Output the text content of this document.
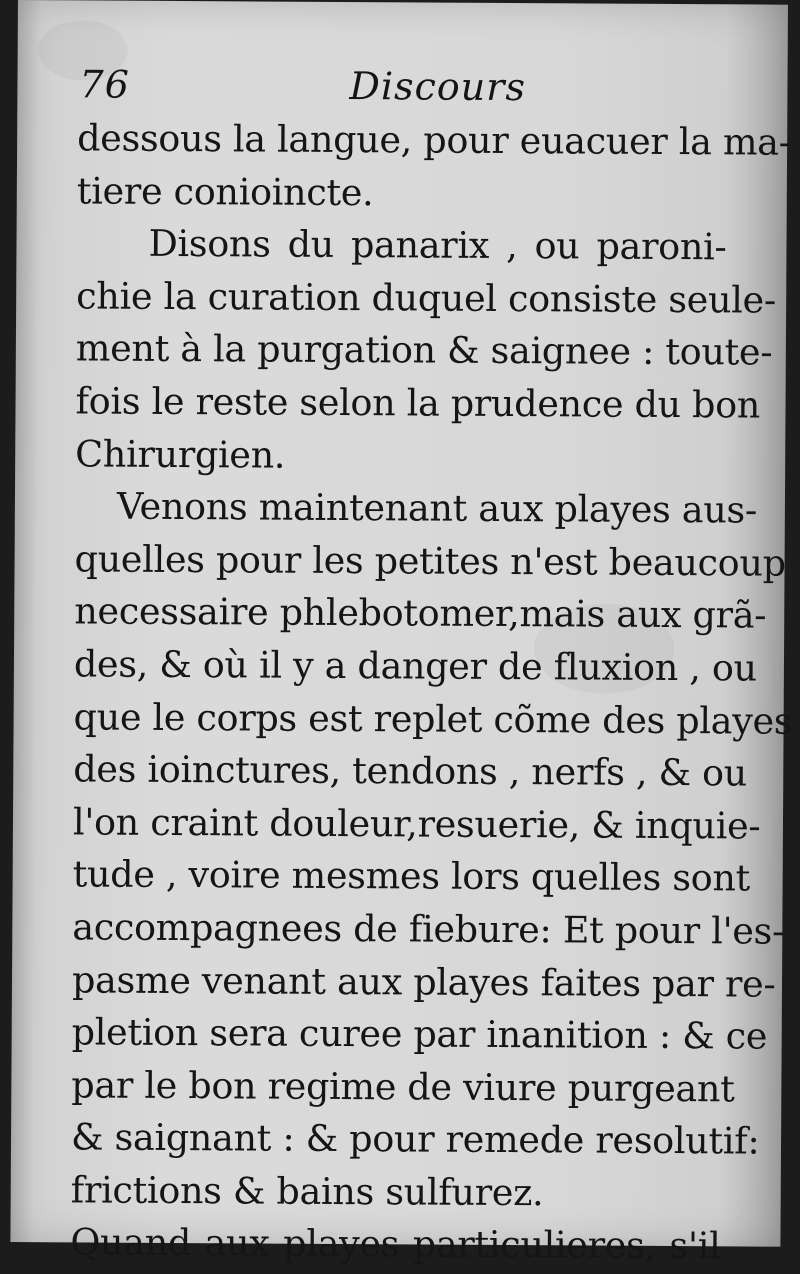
76	Discours
dessous la langue, pour euacuer la ma-
tiere conioincte.
Disons du panarix , ou paroni-
chie la curation duquel consiste seule-
ment à la purgation & saignee : toute-
fois le reste selon la prudence du bon
Chirurgien.
Venons maintenant aux playes aus-
quelles pour les petites n'est beaucoup
necessaire phlebotomer,mais aux grã-
des, & où il y a danger de fluxion , ou
que le corps est replet cõme des playes
des ioinctures, tendons , nerfs , & ou
l'on craint douleur,resuerie, & inquie-
tude , voire mesmes lors quelles sont
accompagnees de fiebure: Et pour l'es-
pasme venant aux playes faites par re-
pletion sera curee par inanition : & ce
par le bon regime de viure purgeant
& saignant : & pour remede resolutif:
frictions & bains sulfurez.
Quand aux playes particulieres, s'il
